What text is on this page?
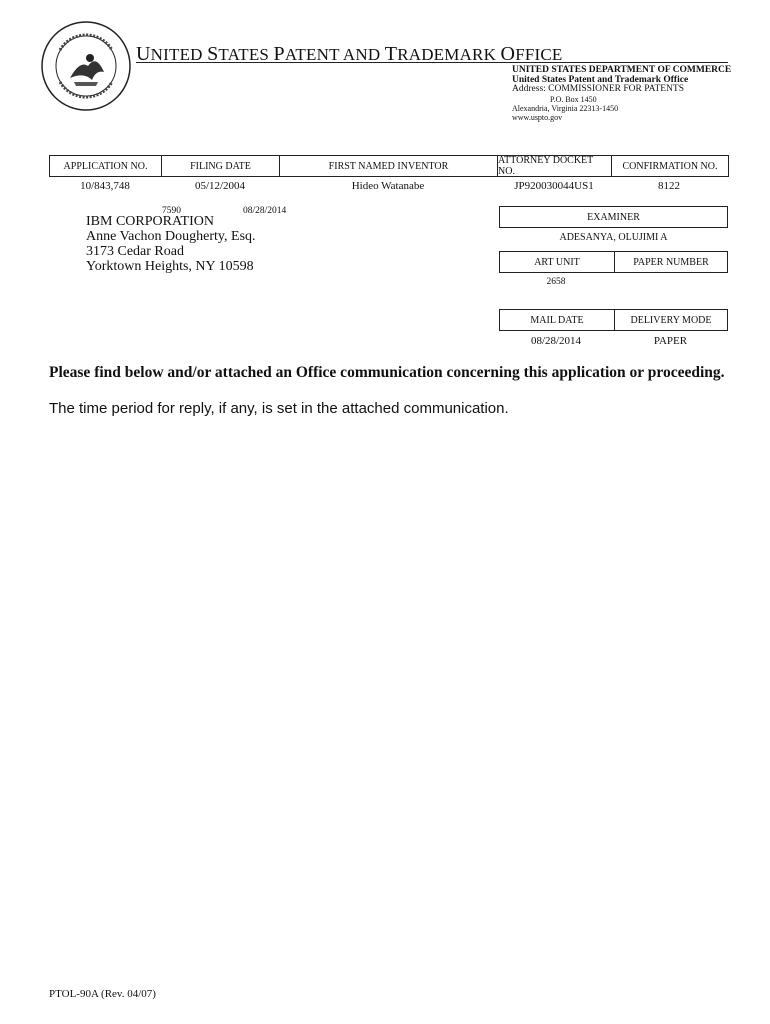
UNITED STATES PATENT AND TRADEMARK OFFICE
UNITED STATES DEPARTMENT OF COMMERCE
United States Patent and Trademark Office
Address: COMMISSIONER FOR PATENTS
P.O. Box 1450
Alexandria, Virginia 22313-1450
www.uspto.gov
APPLICATION NO.	FILING DATE	FIRST NAMED INVENTOR	ATTORNEY DOCKET NO.	CONFIRMATION NO.
10/843,748	05/12/2004	Hideo Watanabe	JP920030044US1	8122
7590	08/28/2014
IBM CORPORATION
Anne Vachon Dougherty, Esq.
3173 Cedar Road
Yorktown Heights, NY 10598
EXAMINER
ADESANYA, OLUJIMI A
ART UNIT	PAPER NUMBER
2658
MAIL DATE	DELIVERY MODE
08/28/2014	PAPER
Please find below and/or attached an Office communication concerning this application or proceeding.
The time period for reply, if any, is set in the attached communication.
PTOL-90A (Rev. 04/07)
